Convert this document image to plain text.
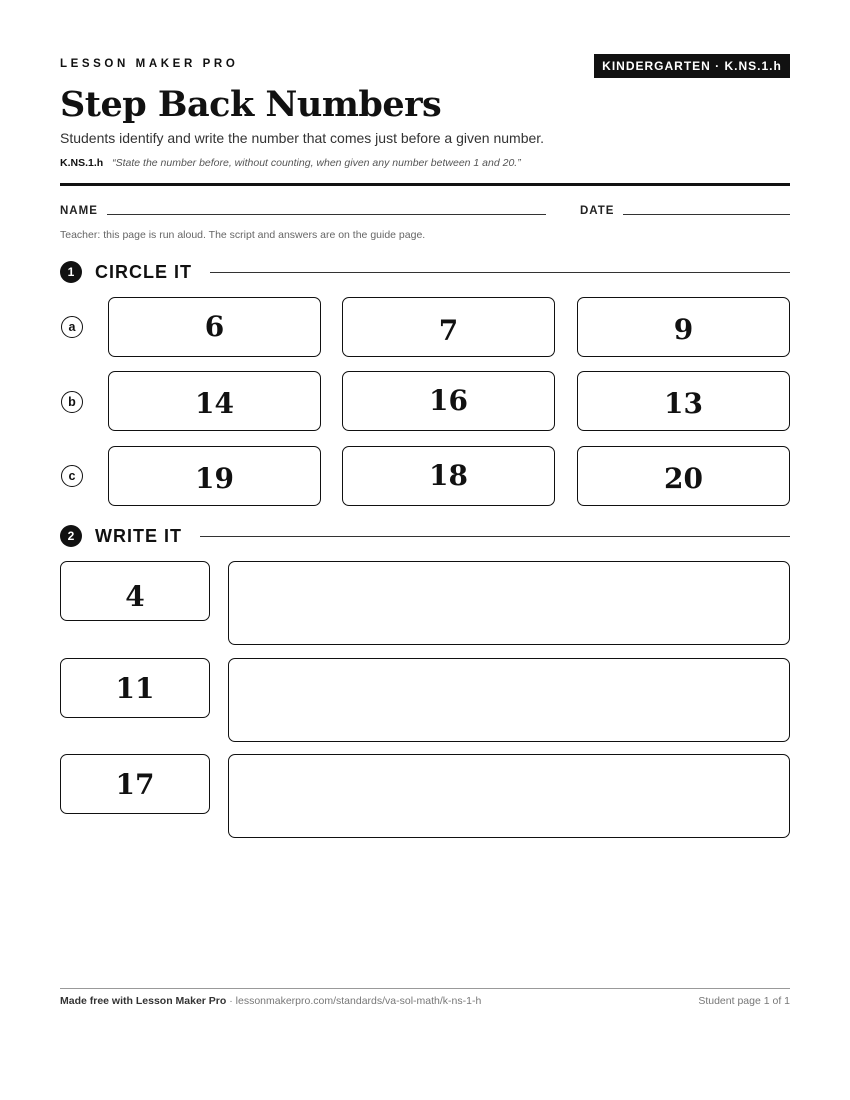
LESSON MAKER PRO	KINDERGARTEN · K.NS.1.h
Step Back Numbers
Students identify and write the number that comes just before a given number.
K.NS.1.h “State the number before, without counting, when given any number between 1 and 20.”
NAME	DATE
Teacher: this page is run aloud. The script and answers are on the guide page.
1	CIRCLE IT
a	6	7	9
b	14	16	13
c	19	18	20
2	WRITE IT
4
11
17
Made free with Lesson Maker Pro · lessonmakerpro.com/standards/va-sol-math/k-ns-1-h	Student page 1 of 1
